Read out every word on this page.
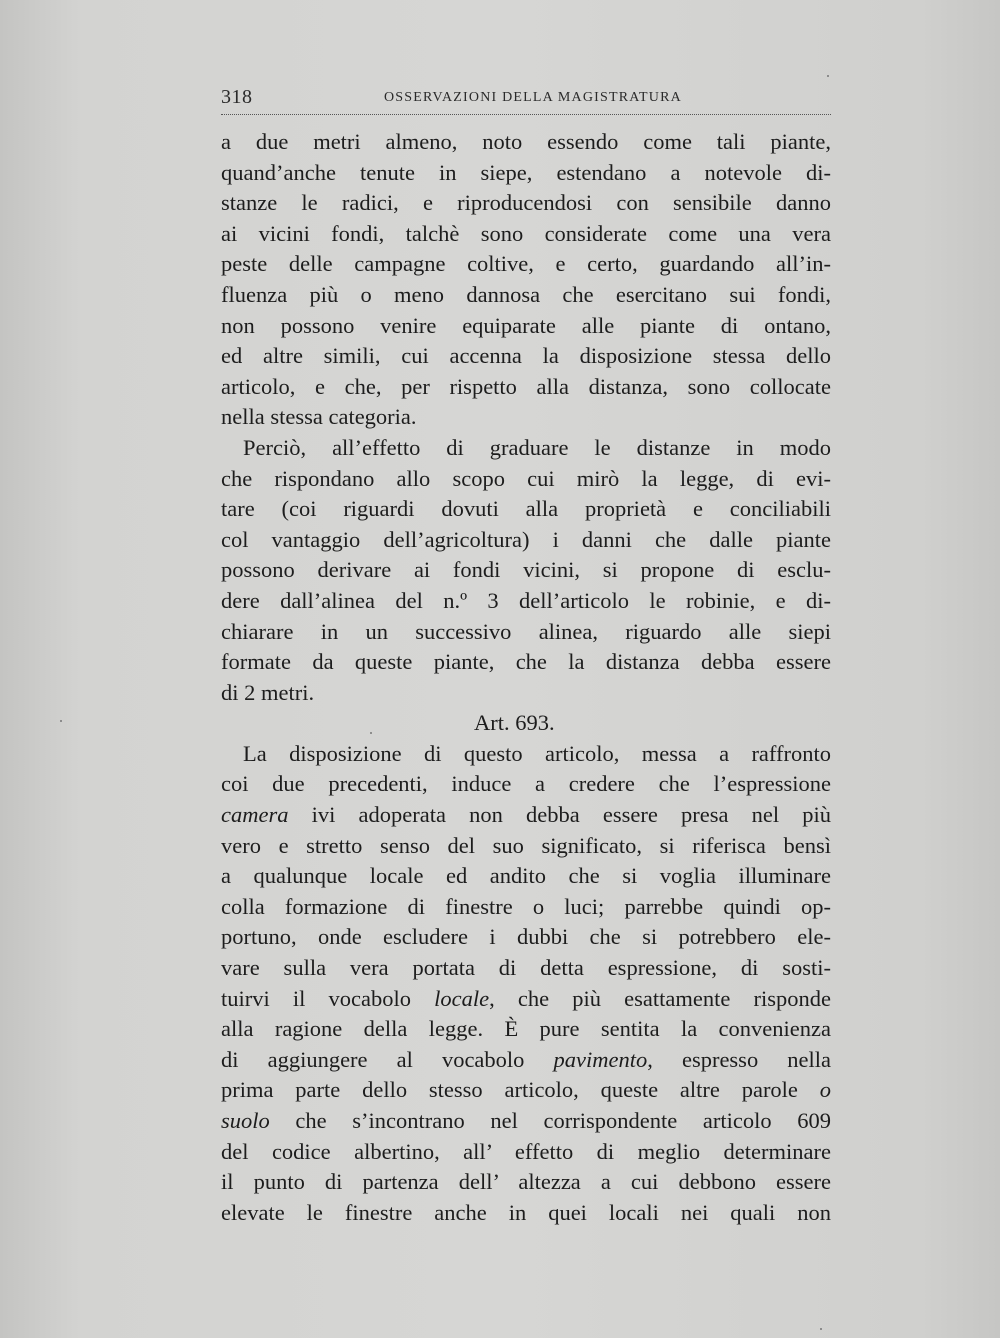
318	OSSERVAZIONI DELLA MAGISTRATURA
a due metri almeno, noto essendo come tali piante,
quand’anche tenute in siepe, estendano a notevole di-
stanze le radici, e riproducendosi con sensibile danno
ai vicini fondi, talchè sono considerate come una vera
peste delle campagne coltive, e certo, guardando all’in-
fluenza più o meno dannosa che esercitano sui fondi,
non possono venire equiparate alle piante di ontano,
ed altre simili, cui accenna la disposizione stessa dello
articolo, e che, per rispetto alla distanza, sono collocate
nella stessa categoria.
Perciò, all’effetto di graduare le distanze in modo
che rispondano allo scopo cui mirò la legge, di evi-
tare (coi riguardi dovuti alla proprietà e conciliabili
col vantaggio dell’agricoltura) i danni che dalle piante
possono derivare ai fondi vicini, si propone di esclu-
dere dall’alinea del n.º 3 dell’articolo le robinie, e di-
chiarare in un successivo alinea, riguardo alle siepi
formate da queste piante, che la distanza debba essere
di 2 metri.
Art. 693.
La disposizione di questo articolo, messa a raffronto
coi due precedenti, induce a credere che l’espressione
camera ivi adoperata non debba essere presa nel più
vero e stretto senso del suo significato, si riferisca bensì
a qualunque locale ed andito che si voglia illuminare
colla formazione di finestre o luci; parrebbe quindi op-
portuno, onde escludere i dubbi che si potrebbero ele-
vare sulla vera portata di detta espressione, di sosti-
tuirvi il vocabolo locale, che più esattamente risponde
alla ragione della legge. È pure sentita la convenienza
di aggiungere al vocabolo pavimento, espresso nella
prima parte dello stesso articolo, queste altre parole o
suolo che s’incontrano nel corrispondente articolo 609
del codice albertino, all’ effetto di meglio determinare
il punto di partenza dell’ altezza a cui debbono essere
elevate le finestre anche in quei locali nei quali non
